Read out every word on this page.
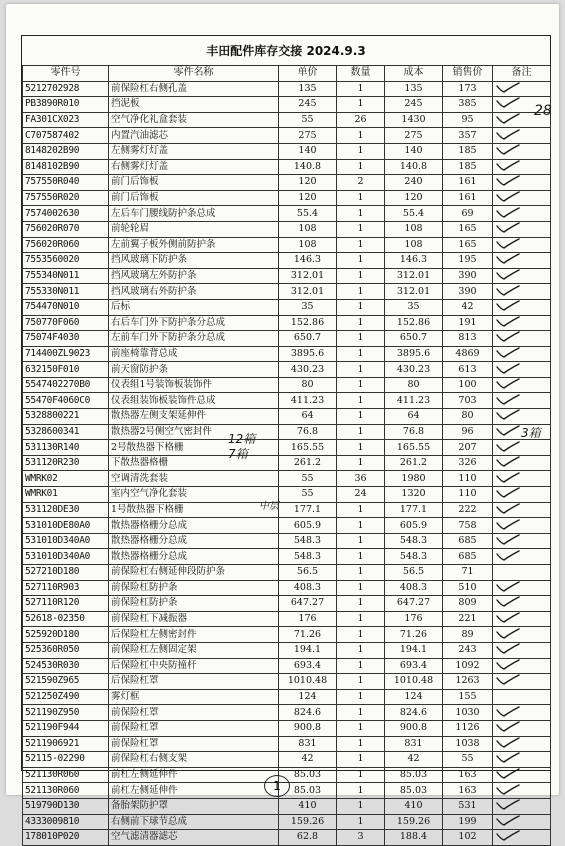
丰田配件库存交接 2024.9.3
零件号	零件名称	单价	数量	成本	销售价	备注
5212702928	前保险杠右侧孔盖	135	1	135	173	

PB3890R010	挡泥板	245	1	245	385	

FA301CX023	空气净化礼盒套装	55	26	1430	95	

C707587402	内置汽油滤芯	275	1	275	357	

8148202B90	左侧雾灯灯盖	140	1	140	185	

8148102B90	右侧雾灯灯盖	140.8	1	140.8	185	

757550R040	前门后饰板	120	2	240	161	

757550R020	前门后饰板	120	1	120	161	

7574002630	左后车门腰线防护条总成	55.4	1	55.4	69	

756020R070	前轮轮眉	108	1	108	165	

756020R060	左前翼子板外侧前防护条	108	1	108	165	

7553560020	挡风玻璃下防护条	146.3	1	146.3	195	

755340N011	挡风玻璃左外防护条	312.01	1	312.01	390	

755330N011	挡风玻璃右外防护条	312.01	1	312.01	390	

754470N010	后标	35	1	35	42	

750770F060	右后车门外下防护条分总成	152.86	1	152.86	191	

75074F4030	左前车门外下防护条分总成	650.7	1	650.7	813	

714400ZL9023	前座椅靠背总成	3895.6	1	3895.6	4869	

632150F010	前天窗防护条	430.23	1	430.23	613	

5547402270B0	仪表组1号装饰板装饰件	80	1	80	100	

55470F4060C0	仪表组装饰板装饰件总成	411.23	1	411.23	703	

5328800221	散热器左侧支架延伸件	64	1	64	80	

5328600341	散热器2号侧空气密封件	76.8	1	76.8	96	

531130R140	2号散热器下格栅	165.55	1	165.55	207	

531120R230	下散热器格栅	261.2	1	261.2	326	

WMRK02	空调清洗套装	55	36	1980	110	

WMRK01	室内空气净化套装	55	24	1320	110	

531120DE30	1号散热器下格栅	177.1	1	177.1	222	

531010DE80A0	散热器格栅分总成	605.9	1	605.9	758	

531010D340A0	散热器格栅分总成	548.3	1	548.3	685	

531010D340A0	散热器格栅分总成	548.3	1	548.3	685	

527210D180	前保险杠右侧延伸段防护条	56.5	1	56.5	71	
527110R903	前保险杠防护条	408.3	1	408.3	510	

527110R120	前保险杠防护条	647.27	1	647.27	809	

52618-02350	前保险杠下减振器	176	1	176	221	

525920D180	后保险杠左侧密封件	71.26	1	71.26	89	

525360R050	前保险杠左侧固定架	194.1	1	194.1	243	

524530R030	后保险杠中央防撞杆	693.4	1	693.4	1092	

521590Z965	后保险杠罩	1010.48	1	1010.48	1263	

521250Z490	雾灯框	124	1	124	155	
521190Z950	前保险杠罩	824.6	1	824.6	1030	

521190F944	前保险杠罩	900.8	1	900.8	1126	

5211906921	前保险杠罩	831	1	831	1038	

52115-02290	前保险杠右侧支架	42	1	42	55	

521130R060	前杠左侧延伸件	85.03	1	85.03	163	

521130R060	前杠左侧延伸件	85.03	1	85.03	163	

519790D130	备胎架防护罩	410	1	410	531	

4333009810	右侧前下球节总成	159.26	1	159.26	199	

178010P020	空气滤清器滤芯	62.8	3	188.4	102	
28
12箱
7箱
3箱
中层
1
